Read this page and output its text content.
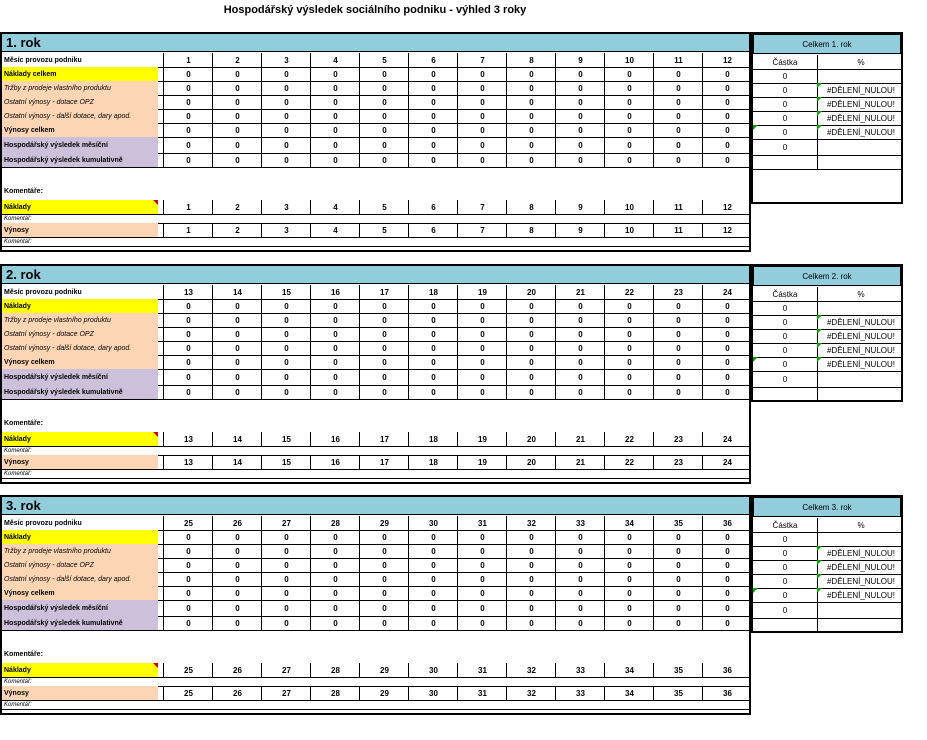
Hospodářský výsledek sociálního podniku - výhled 3 roky
1. rok
Měsíc provozu podniku	1	2	3	4	5	6	7	8	9	10	11	12
Náklady celkem	0	0	0	0	0	0	0	0	0	0	0	0
Tržby z prodeje vlastního produktu	0	0	0	0	0	0	0	0	0	0	0	0
Ostatní výnosy - dotace OPZ	0	0	0	0	0	0	0	0	0	0	0	0
Ostatní výnosy - další dotace, dary apod.	0	0	0	0	0	0	0	0	0	0	0	0
Výnosy celkem	0	0	0	0	0	0	0	0	0	0	0	0
Hospodářský výsledek měsíční	0	0	0	0	0	0	0	0	0	0	0	0
Hospodářský výsledek kumulativně	0	0	0	0	0	0	0	0	0	0	0	0
Komentáře:
Náklady	1	2	3	4	5	6	7	8	9	10	11	12
Komentář:
Výnosy	1	2	3	4	5	6	7	8	9	10	11	12
Komentář:
Celkem 1. rok
Částka	%
0
0	#DĚLENÍ_NULOU!
0	#DĚLENÍ_NULOU!
0	#DĚLENÍ_NULOU!
0	#DĚLENÍ_NULOU!
0
2. rok
Měsíc provozu podniku	13	14	15	16	17	18	19	20	21	22	23	24
Náklady	0	0	0	0	0	0	0	0	0	0	0	0
Tržby z prodeje vlastního produktu	0	0	0	0	0	0	0	0	0	0	0	0
Ostatní výnosy - dotace OPZ	0	0	0	0	0	0	0	0	0	0	0	0
Ostatní výnosy - další dotace, dary apod.	0	0	0	0	0	0	0	0	0	0	0	0
Výnosy celkem	0	0	0	0	0	0	0	0	0	0	0	0
Hospodářský výsledek měsíční	0	0	0	0	0	0	0	0	0	0	0	0
Hospodářský výsledek kumulativně	0	0	0	0	0	0	0	0	0	0	0	0
Komentáře:
Náklady	13	14	15	16	17	18	19	20	21	22	23	24
Komentář:
Výnosy	13	14	15	16	17	18	19	20	21	22	23	24
Komentář:
Celkem 2. rok
Částka	%
0
0	#DĚLENÍ_NULOU!
0	#DĚLENÍ_NULOU!
0	#DĚLENÍ_NULOU!
0	#DĚLENÍ_NULOU!
0
3. rok
Měsíc provozu podniku	25	26	27	28	29	30	31	32	33	34	35	36
Náklady	0	0	0	0	0	0	0	0	0	0	0	0
Tržby z prodeje vlastního produktu	0	0	0	0	0	0	0	0	0	0	0	0
Ostatní výnosy - dotace OPZ	0	0	0	0	0	0	0	0	0	0	0	0
Ostatní výnosy - další dotace, dary apod.	0	0	0	0	0	0	0	0	0	0	0	0
Výnosy celkem	0	0	0	0	0	0	0	0	0	0	0	0
Hospodářský výsledek měsíční	0	0	0	0	0	0	0	0	0	0	0	0
Hospodářský výsledek kumulativně	0	0	0	0	0	0	0	0	0	0	0	0
Komentáře:
Náklady	25	26	27	28	29	30	31	32	33	34	35	36
Komentář:
Výnosy	25	26	27	28	29	30	31	32	33	34	35	36
Komentář:
Celkem 3. rok
Částka	%
0
0	#DĚLENÍ_NULOU!
0	#DĚLENÍ_NULOU!
0	#DĚLENÍ_NULOU!
0	#DĚLENÍ_NULOU!
0
